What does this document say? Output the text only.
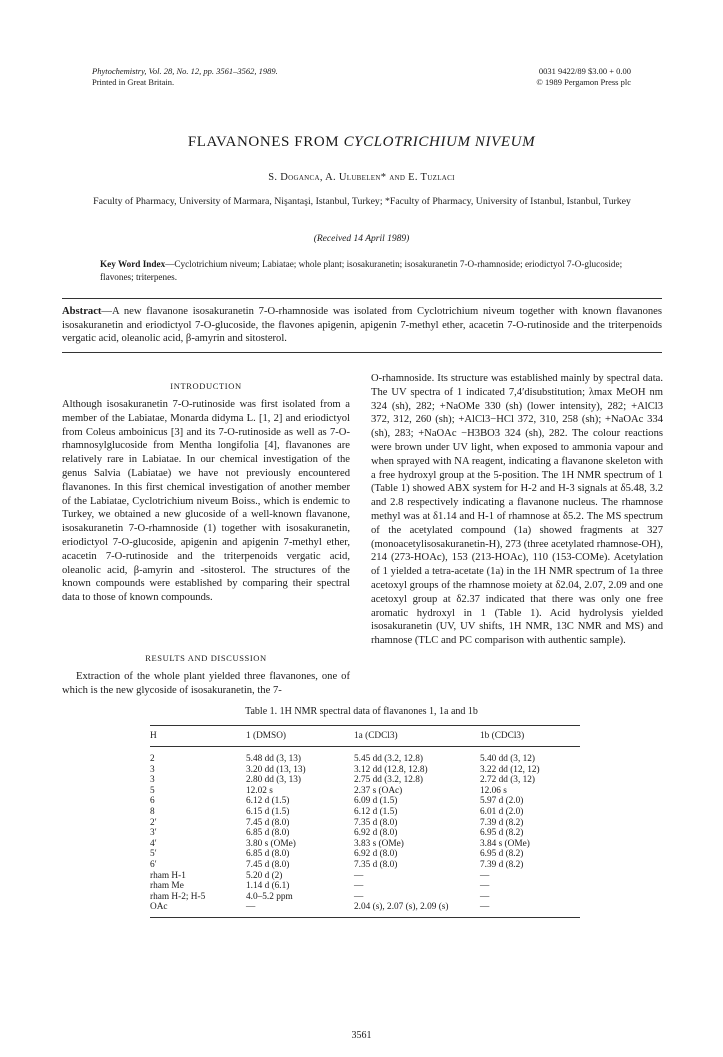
Phytochemistry, Vol. 28, No. 12, pp. 3561–3562, 1989.
Printed in Great Britain.
0031 9422/89 $3.00 + 0.00
© 1989 Pergamon Press plc
FLAVANONES FROM CYCLOTRICHIUM NIVEUM
S. Doganca, A. Ulubelen* and E. Tuzlaci
Faculty of Pharmacy, University of Marmara, Nişantaşi, Istanbul, Turkey; *Faculty of Pharmacy, University of Istanbul, Istanbul, Turkey
(Received 14 April 1989)
Key Word Index—Cyclotrichium niveum; Labiatae; whole plant; isosakuranetin; isosakuranetin 7-O-rhamnoside; eriodictyol 7-O-glucoside; flavones; triterpenes.
Abstract—A new flavanone isosakuranetin 7-O-rhamnoside was isolated from Cyclotrichium niveum together with known flavanones isosakuranetin and eriodictyol 7-O-glucoside, the flavones apigenin, apigenin 7-methyl ether, acacetin 7-O-rutinoside and the triterpenoids vergatic acid, oleanolic acid, β-amyrin and sitosterol.
INTRODUCTION
Although isosakuranetin 7-O-rutinoside was first isolated from a member of the Labiatae, Monarda didyma L. [1, 2] and eriodictyol from Coleus amboinicus [3] and its 7-O-rutinoside as well as 7-O-rhamnosylglucoside from Mentha longifolia [4], flavanones are relatively rare in Labiatae. In our chemical investigation of the genus Salvia (Labiatae) we have not previously encountered flavanones. In this first chemical investigation of another member of the Labiatae, Cyclotrichium niveum Boiss., which is endemic to Turkey, we obtained a new glucoside of a well-known flavanone, isosakuranetin 7-O-rhamnoside (1) together with isosakuranetin, eriodictyol 7-O-glucoside, apigenin and apigenin 7-methyl ether, acacetin 7-O-rutinoside and the triterpenoids vergatic acid, oleanolic acid, β-amyrin and -sitosterol. The structures of the known compounds were established by comparing their spectral data to those of known compounds.
RESULTS AND DISCUSSION
Extraction of the whole plant yielded three flavanones, one of which is the new glycoside of isosakuranetin, the 7-
O-rhamnoside. Its structure was established mainly by spectral data. The UV spectra of 1 indicated 7,4′disubstitution; λmax MeOH nm 324 (sh), 282; +NaOMe 330 (sh) (lower intensity), 282; +AlCl3 372, 312, 260 (sh); +AlCl3−HCl 372, 310, 258 (sh); +NaOAc 334 (sh), 283; +NaOAc −H3BO3 324 (sh), 282. The colour reactions were brown under UV light, when exposed to ammonia vapour and when sprayed with NA reagent, indicating a flavanone skeleton with a free hydroxyl group at the 5-position. The 1H NMR spectrum of 1 (Table 1) showed ABX system for H-2 and H-3 signals at δ5.48, 3.2 and 2.8 respectively indicating a flavanone nucleus. The rhamnose methyl was at δ1.14 and H-1 of rhamnose at δ5.2. The MS spectrum of the acetylated compound (1a) showed fragments at 327 (monoacetylisosakuranetin-H), 273 (three acetylated rhamnose-OH), 214 (273-HOAc), 153 (213-HOAc), 110 (153-COMe). Acetylation of 1 yielded a tetra-acetate (1a) in the 1H NMR spectrum of 1a three acetoxyl groups of the rhamnose moiety at δ2.04, 2.07, 2.09 and one acetoxyl group at δ2.37 indicated that there was only one free aromatic hydroxyl in 1 (Table 1). Acid hydrolysis yielded isosakuranetin (UV, UV shifts, 1H NMR, 13C NMR and MS) and rhamnose (TLC and PC comparison with authentic sample).
Table 1. 1H NMR spectral data of flavanones 1, 1a and 1b
H	1 (DMSO)	1a (CDCl3)	1b (CDCl3)
2	5.48 dd (3, 13)	5.45 dd (3.2, 12.8)	5.40 dd (3, 12)
3	3.20 dd (13, 13)	3.12 dd (12.8, 12.8)	3.22 dd (12, 12)
3	2.80 dd (3, 13)	2.75 dd (3.2, 12.8)	2.72 dd (3, 12)
5	12.02 s	2.37 s (OAc)	12.06 s
6	6.12 d (1.5)	6.09 d (1.5)	5.97 d (2.0)
8	6.15 d (1.5)	6.12 d (1.5)	6.01 d (2.0)
2′	7.45 d (8.0)	7.35 d (8.0)	7.39 d (8.2)
3′	6.85 d (8.0)	6.92 d (8.0)	6.95 d (8.2)
4′	3.80 s (OMe)	3.83 s (OMe)	3.84 s (OMe)
5′	6.85 d (8.0)	6.92 d (8.0)	6.95 d (8.2)
6′	7.45 d (8.0)	7.35 d (8.0)	7.39 d (8.2)
rham H-1	5.20 d (2)	—	—
rham Me	1.14 d (6.1)	—	—
rham H-2; H-5	4.0–5.2 ppm	—	—
OAc	—	2.04 (s), 2.07 (s), 2.09 (s)	—
3561
